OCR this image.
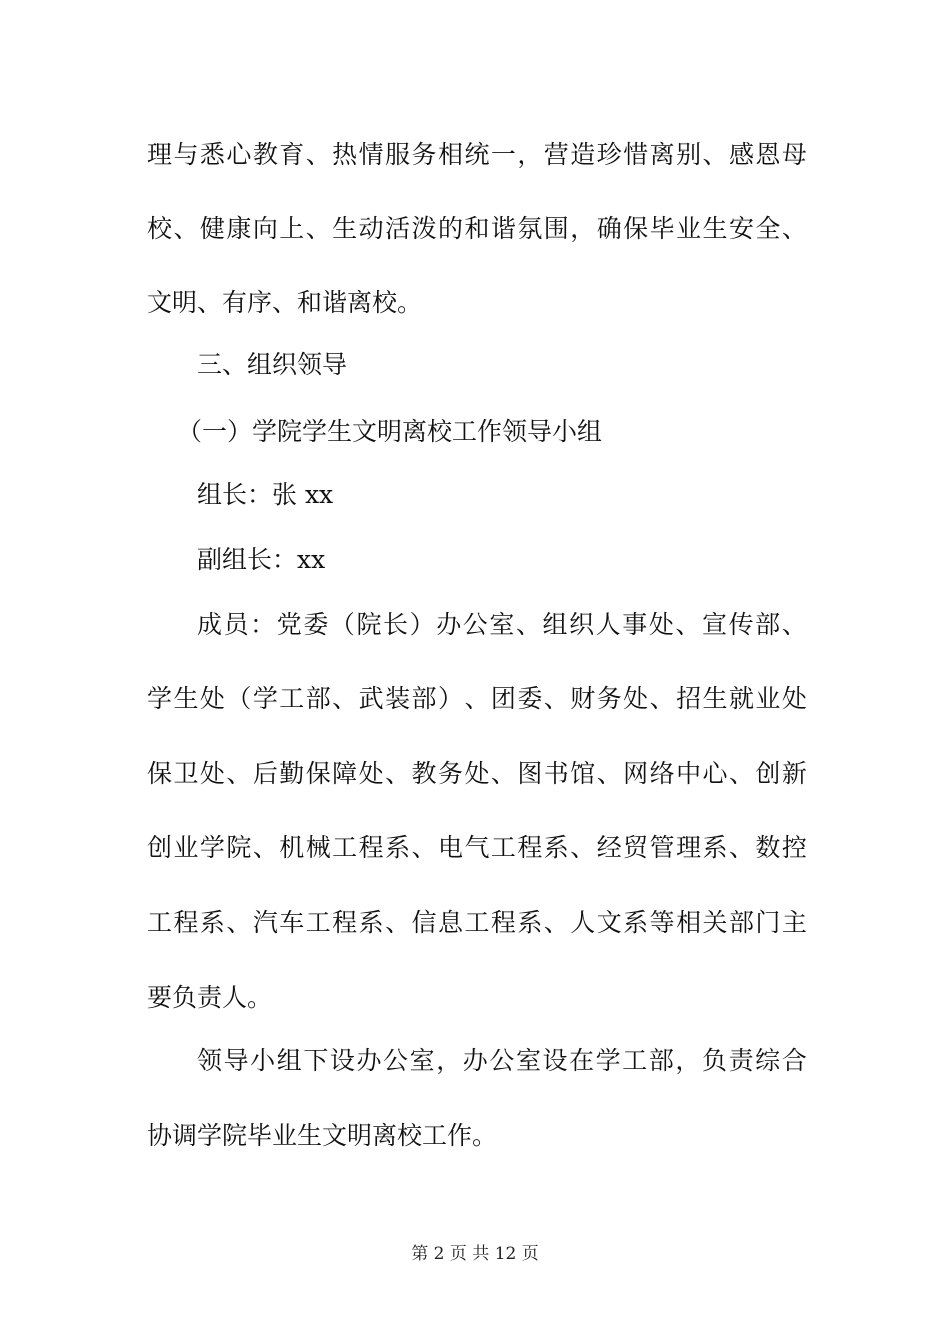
理 与 悉 心 教 育 、 热 情 服 务 相 统 一 ， 营 造 珍 惜 离 别 、 感 恩 母
校 、 健 康 向 上 、 生 动 活 泼 的 和 谐 氛 围 ， 确 保 毕 业 生 安 全 、
文明、有序、和谐离校。
三、组织领导
（一）学院学生文明离校工作领导小组
组长：张 xx
副组长：xx
成 员 ： 党 委 （ 院 长 ） 办 公 室 、 组 织 人 事 处 、 宣 传 部 、
学 生 处 （ 学 工 部 、 武 装 部 ） 、 团 委 、 财 务 处 、 招 生 就 业 处
保 卫 处 、 后 勤 保 障 处 、 教 务 处 、 图 书 馆 、 网 络 中 心 、 创 新
创 业 学 院 、 机 械 工 程 系 、 电 气 工 程 系 、 经 贸 管 理 系 、 数 控
工 程 系 、 汽 车 工 程 系 、 信 息 工 程 系 、 人 文 系 等 相 关 部 门 主
要负责人。
领 导 小 组 下 设 办 公 室 ， 办 公 室 设 在 学 工 部 ， 负 责 综 合
协调学院毕业生文明离校工作。
第 2 页 共 12 页
